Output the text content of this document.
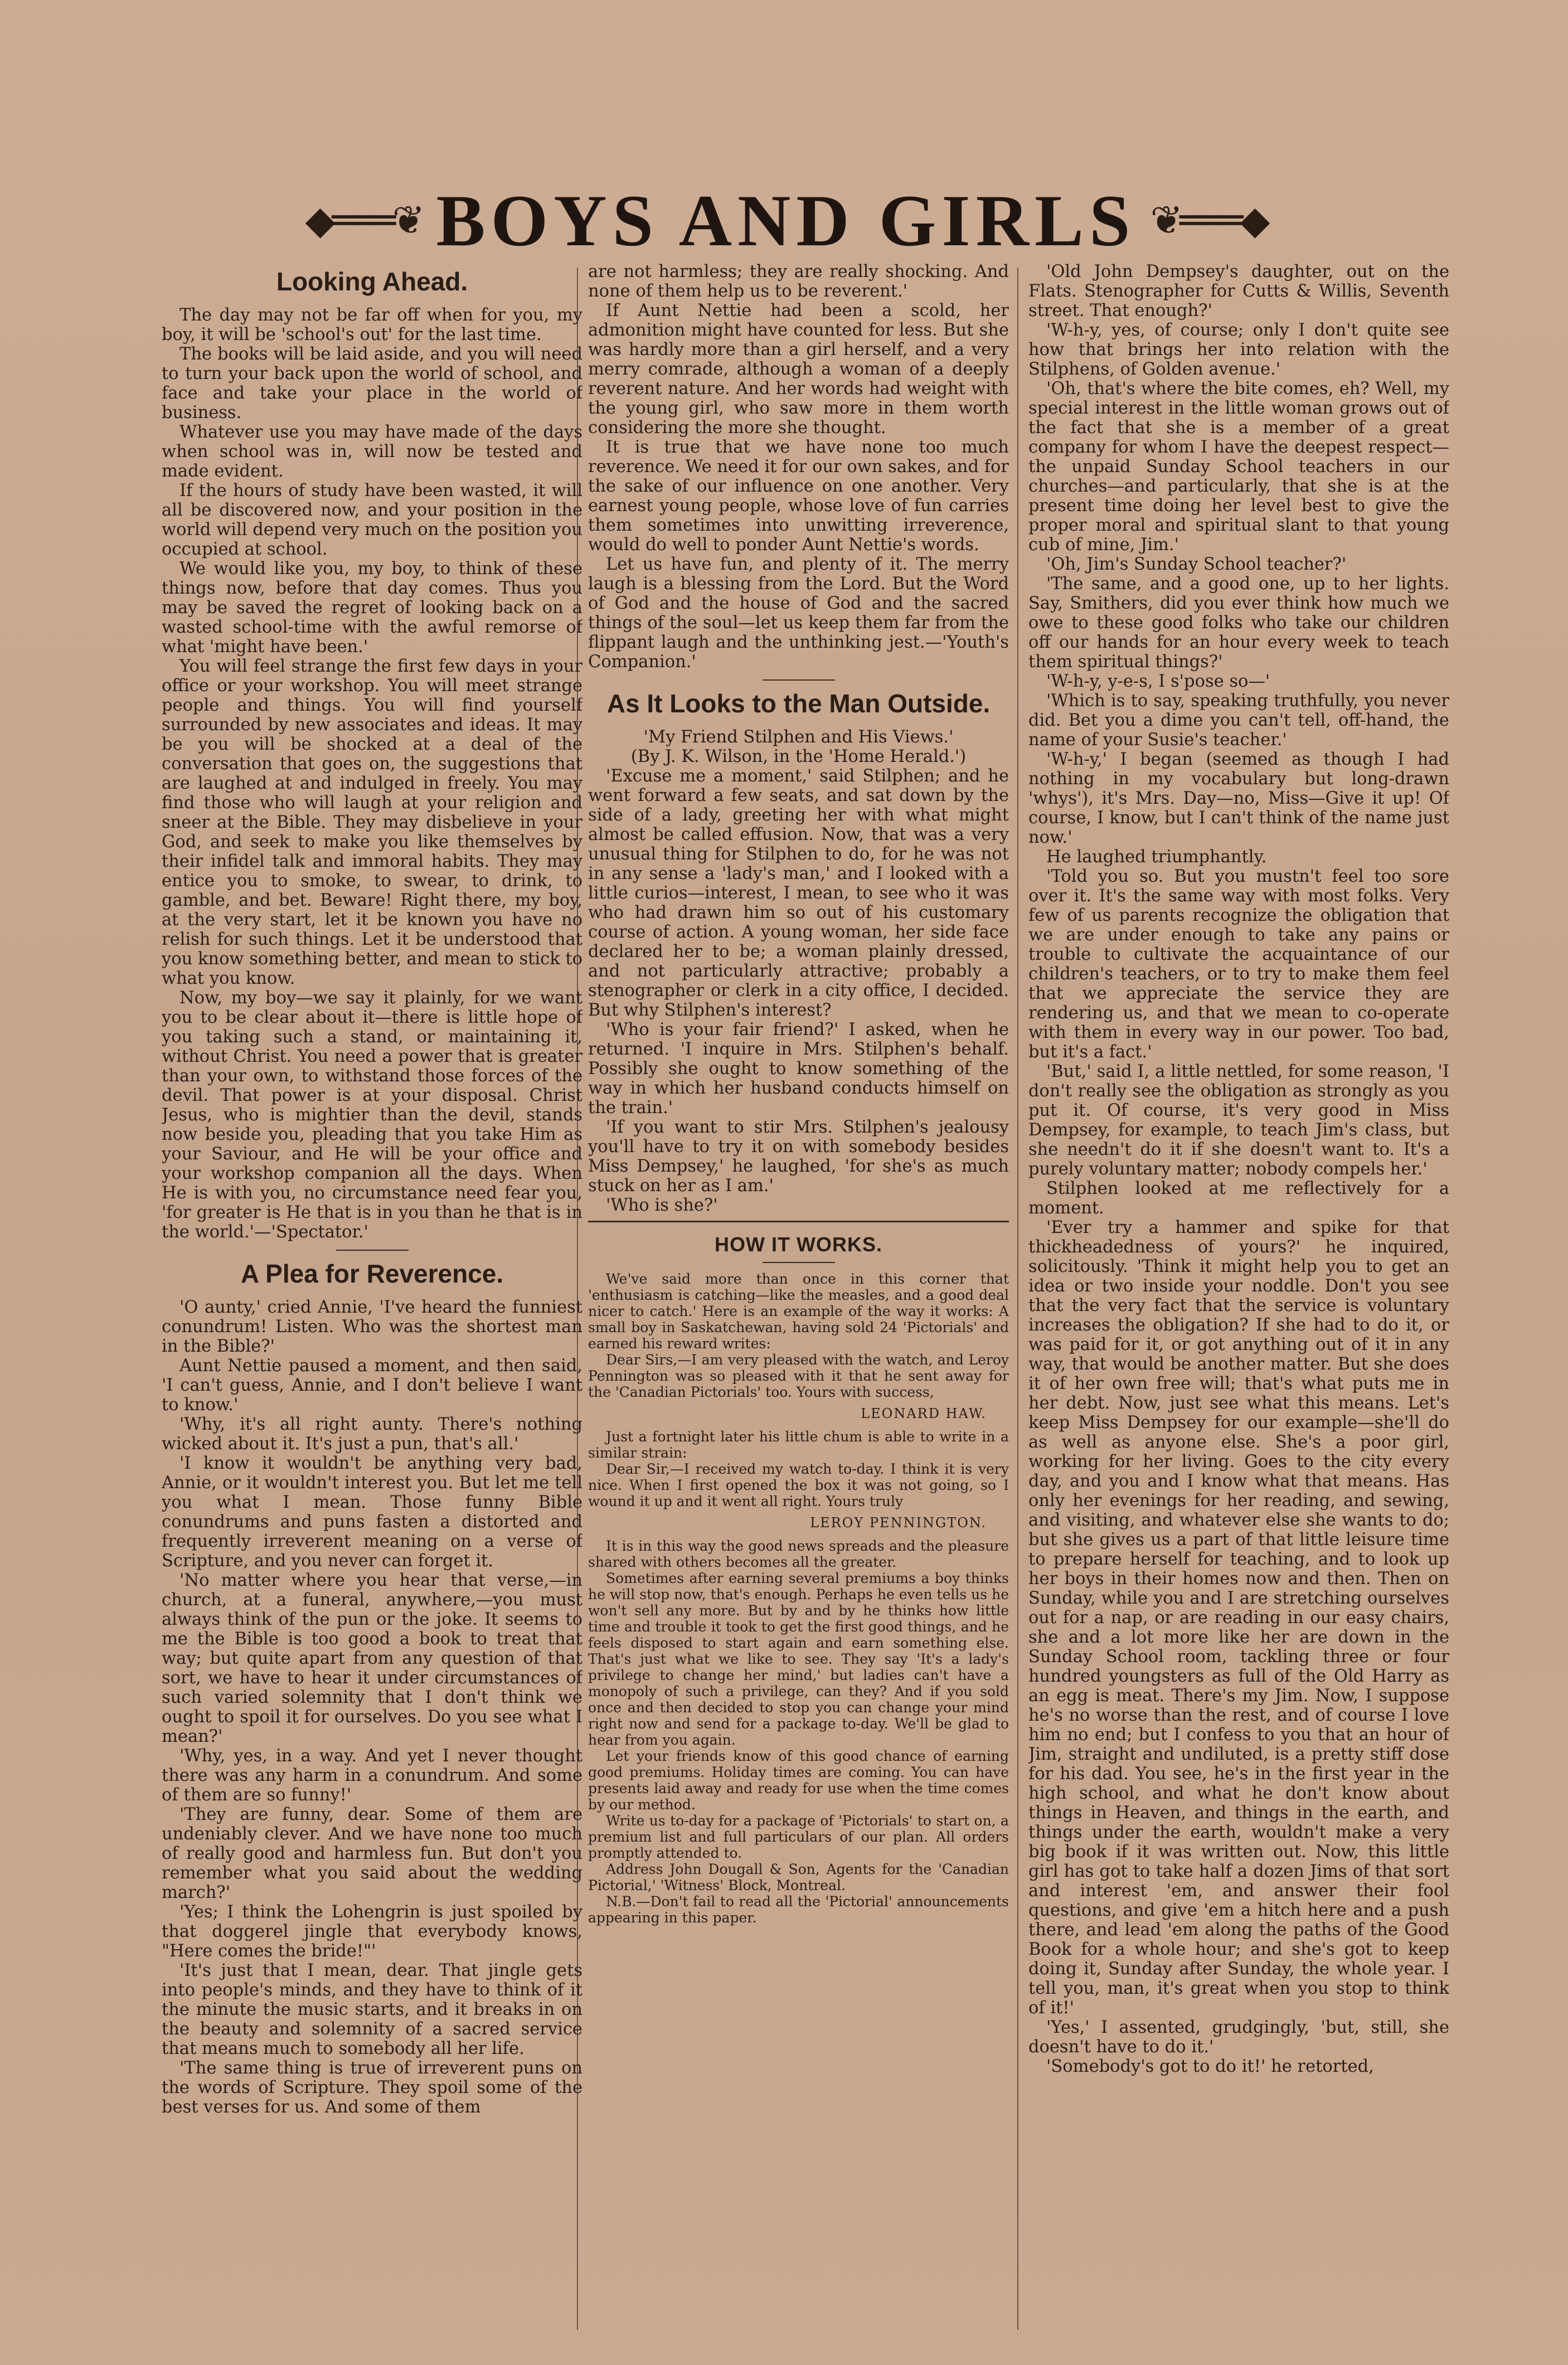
◆═══❦ BOYS AND GIRLS ❦═══◆
Looking Ahead.

The day may not be far off when for you, my boy, it will be 'school's out' for the last time.

The books will be laid aside, and you will need to turn your back upon the world of school, and face and take your place in the world of business.

Whatever use you may have made of the days when school was in, will now be tested and made evident.

If the hours of study have been wasted, it will all be discovered now, and your position in the world will depend very much on the position you occupied at school.

We would like you, my boy, to think of these things now, before that day comes. Thus you may be saved the regret of looking back on a wasted school-time with the awful remorse of what 'might have been.'

You will feel strange the first few days in your office or your workshop. You will meet strange people and things. You will find yourself surrounded by new associates and ideas. It may be you will be shocked at a deal of the conversation that goes on, the suggestions that are laughed at and indulged in freely. You may find those who will laugh at your religion and sneer at the Bible. They may disbelieve in your God, and seek to make you like themselves by their infidel talk and immoral habits. They may entice you to smoke, to swear, to drink, to gamble, and bet. Beware! Right there, my boy, at the very start, let it be known you have no relish for such things. Let it be understood that you know something better, and mean to stick to what you know.

Now, my boy—we say it plainly, for we want you to be clear about it—there is little hope of you taking such a stand, or maintaining it, without Christ. You need a power that is greater than your own, to withstand those forces of the devil. That power is at your disposal. Christ Jesus, who is mightier than the devil, stands now beside you, pleading that you take Him as your Saviour, and He will be your office and your workshop companion all the days. When He is with you, no circumstance need fear you, 'for greater is He that is in you than he that is in the world.'—'Spectator.'

A Plea for Reverence.

'O aunty,' cried Annie, 'I've heard the funniest conundrum! Listen. Who was the shortest man in the Bible?'

Aunt Nettie paused a moment, and then said, 'I can't guess, Annie, and I don't believe I want to know.'

'Why, it's all right aunty. There's nothing wicked about it. It's just a pun, that's all.'

'I know it wouldn't be anything very bad, Annie, or it wouldn't interest you. But let me tell you what I mean. Those funny Bible conundrums and puns fasten a distorted and frequently irreverent meaning on a verse of Scripture, and you never can forget it.

'No matter where you hear that verse,—in church, at a funeral, anywhere,—you must always think of the pun or the joke. It seems to me the Bible is too good a book to treat that way; but quite apart from any question of that sort, we have to hear it under circumstances of such varied solemnity that I don't think we ought to spoil it for ourselves. Do you see what I mean?'

'Why, yes, in a way. And yet I never thought there was any harm in a conundrum. And some of them are so funny!'

'They are funny, dear. Some of them are undeniably clever. And we have none too much of really good and harmless fun. But don't you remember what you said about the wedding march?'

'Yes; I think the Lohengrin is just spoiled by that doggerel jingle that everybody knows, "Here comes the bride!"'

'It's just that I mean, dear. That jingle gets into people's minds, and they have to think of it the minute the music starts, and it breaks in on the beauty and solemnity of a sacred service that means much to somebody all her life.

'The same thing is true of irreverent puns on the words of Scripture. They spoil some of the best verses for us. And some of them

are not harmless; they are really shocking. And none of them help us to be reverent.'

If Aunt Nettie had been a scold, her admonition might have counted for less. But she was hardly more than a girl herself, and a very merry comrade, although a woman of a deeply reverent nature. And her words had weight with the young girl, who saw more in them worth considering the more she thought.

It is true that we have none too much reverence. We need it for our own sakes, and for the sake of our influence on one another. Very earnest young people, whose love of fun carries them sometimes into unwitting irreverence, would do well to ponder Aunt Nettie's words.

Let us have fun, and plenty of it. The merry laugh is a blessing from the Lord. But the Word of God and the house of God and the sacred things of the soul—let us keep them far from the flippant laugh and the unthinking jest.—'Youth's Companion.'

As It Looks to the Man Outside.

'My Friend Stilphen and His Views.'

(By J. K. Wilson, in the 'Home Herald.')

'Excuse me a moment,' said Stilphen; and he went forward a few seats, and sat down by the side of a lady, greeting her with what might almost be called effusion. Now, that was a very unusual thing for Stilphen to do, for he was not in any sense a 'lady's man,' and I looked with a little curios—interest, I mean, to see who it was who had drawn him so out of his customary course of action. A young woman, her side face declared her to be; a woman plainly dressed, and not particularly attractive; probably a stenographer or clerk in a city office, I decided. But why Stilphen's interest?

'Who is your fair friend?' I asked, when he returned. 'I inquire in Mrs. Stilphen's behalf. Possibly she ought to know something of the way in which her husband conducts himself on the train.'

'If you want to stir Mrs. Stilphen's jealousy you'll have to try it on with somebody besides Miss Dempsey,' he laughed, 'for she's as much stuck on her as I am.'

'Who is she?'

HOW IT WORKS.

We've said more than once in this corner that 'enthusiasm is catching—like the measles, and a good deal nicer to catch.' Here is an example of the way it works: A small boy in Saskatchewan, having sold 24 'Pictorials' and earned his reward writes:

Dear Sirs,—I am very pleased with the watch, and Leroy Pennington was so pleased with it that he sent away for the 'Canadian Pictorials' too. Yours with success,

LEONARD HAW.

Just a fortnight later his little chum is able to write in a similar strain:

Dear Sir,—I received my watch to-day. I think it is very nice. When I first opened the box it was not going, so I wound it up and it went all right. Yours truly

LEROY PENNINGTON.

It is in this way the good news spreads and the pleasure shared with others becomes all the greater.

Sometimes after earning several premiums a boy thinks he will stop now, that's enough. Perhaps he even tells us he won't sell any more. But by and by he thinks how little time and trouble it took to get the first good things, and he feels disposed to start again and earn something else. That's just what we like to see. They say 'It's a lady's privilege to change her mind,' but ladies can't have a monopoly of such a privilege, can they? And if you sold once and then decided to stop you can change your mind right now and send for a package to-day. We'll be glad to hear from you again.

Let your friends know of this good chance of earning good premiums. Holiday times are coming. You can have presents laid away and ready for use when the time comes by our method.

Write us to-day for a package of 'Pictorials' to start on, a premium list and full particulars of our plan. All orders promptly attended to.

Address John Dougall & Son, Agents for the 'Canadian Pictorial,' 'Witness' Block, Montreal.

N.B.—Don't fail to read all the 'Pictorial' announcements appearing in this paper.

'Old John Dempsey's daughter, out on the Flats. Stenographer for Cutts & Willis, Seventh street. That enough?'

'W-h-y, yes, of course; only I don't quite see how that brings her into relation with the Stilphens, of Golden avenue.'

'Oh, that's where the bite comes, eh? Well, my special interest in the little woman grows out of the fact that she is a member of a great company for whom I have the deepest respect—the unpaid Sunday School teachers in our churches—and particularly, that she is at the present time doing her level best to give the proper moral and spiritual slant to that young cub of mine, Jim.'

'Oh, Jim's Sunday School teacher?'

'The same, and a good one, up to her lights. Say, Smithers, did you ever think how much we owe to these good folks who take our children off our hands for an hour every week to teach them spiritual things?'

'W-h-y, y-e-s, I s'pose so—'

'Which is to say, speaking truthfully, you never did. Bet you a dime you can't tell, off-hand, the name of your Susie's teacher.'

'W-h-y,' I began (seemed as though I had nothing in my vocabulary but long-drawn 'whys'), it's Mrs. Day—no, Miss—Give it up! Of course, I know, but I can't think of the name just now.'

He laughed triumphantly.

'Told you so. But you mustn't feel too sore over it. It's the same way with most folks. Very few of us parents recognize the obligation that we are under enough to take any pains or trouble to cultivate the acquaintance of our children's teachers, or to try to make them feel that we appreciate the service they are rendering us, and that we mean to co-operate with them in every way in our power. Too bad, but it's a fact.'

'But,' said I, a little nettled, for some reason, 'I don't really see the obligation as strongly as you put it. Of course, it's very good in Miss Dempsey, for example, to teach Jim's class, but she needn't do it if she doesn't want to. It's a purely voluntary matter; nobody compels her.'

Stilphen looked at me reflectively for a moment.

'Ever try a hammer and spike for that thickheadedness of yours?' he inquired, solicitously. 'Think it might help you to get an idea or two inside your noddle. Don't you see that the very fact that the service is voluntary increases the obligation? If she had to do it, or was paid for it, or got anything out of it in any way, that would be another matter. But she does it of her own free will; that's what puts me in her debt. Now, just see what this means. Let's keep Miss Dempsey for our example—she'll do as well as anyone else. She's a poor girl, working for her living. Goes to the city every day, and you and I know what that means. Has only her evenings for her reading, and sewing, and visiting, and whatever else she wants to do; but she gives us a part of that little leisure time to prepare herself for teaching, and to look up her boys in their homes now and then. Then on Sunday, while you and I are stretching ourselves out for a nap, or are reading in our easy chairs, she and a lot more like her are down in the Sunday School room, tackling three or four hundred youngsters as full of the Old Harry as an egg is meat. There's my Jim. Now, I suppose he's no worse than the rest, and of course I love him no end; but I confess to you that an hour of Jim, straight and undiluted, is a pretty stiff dose for his dad. You see, he's in the first year in the high school, and what he don't know about things in Heaven, and things in the earth, and things under the earth, wouldn't make a very big book if it was written out. Now, this little girl has got to take half a dozen Jims of that sort and interest 'em, and answer their fool questions, and give 'em a hitch here and a push there, and lead 'em along the paths of the Good Book for a whole hour; and she's got to keep doing it, Sunday after Sunday, the whole year. I tell you, man, it's great when you stop to think of it!'

'Yes,' I assented, grudgingly, 'but, still, she doesn't have to do it.'

'Somebody's got to do it!' he retorted,
